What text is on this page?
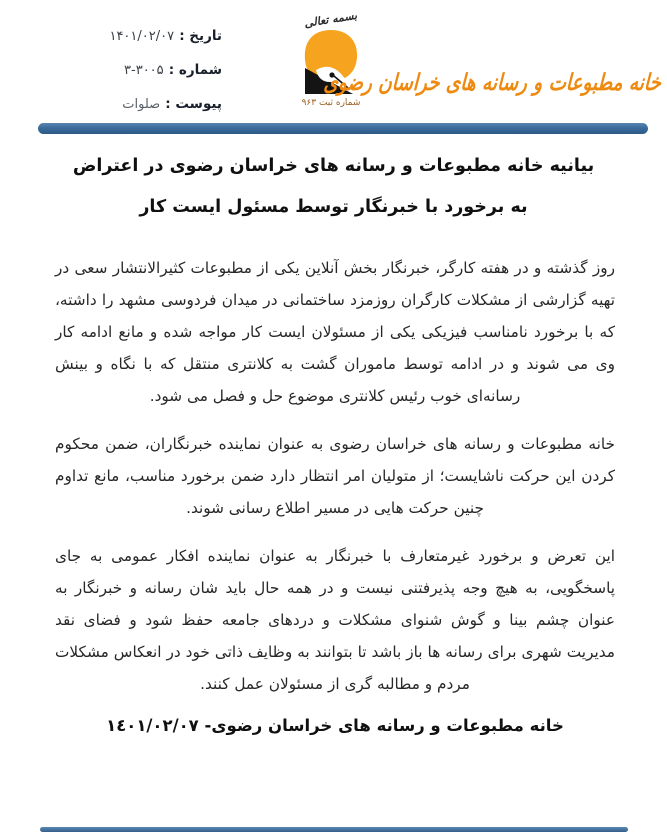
تاریخ : ۱۴۰۱/۰۲/۰۷
شماره : ۳-۳۰۰۵
پیوست : صلوات
بسمه تعالی
شماره ثبت ۹۶۳
خانه مطبوعات و رسانه های خراسان رضوی
بیانیه خانه مطبوعات و رسانه های خراسان رضوی در اعتراض
به برخورد با خبرنگار توسط مسئول ایست کار

روز گذشته و در هفته کارگر، خبرنگار بخش آنلاین یکی از مطبوعات کثیرالانتشار سعی در تهیه گزارشی از مشکلات کارگران روزمزد ساختمانی در میدان فردوسی مشهد را داشته، که با برخورد نامناسب فیزیکی یکی از مسئولان ایست کار مواجه شده و مانع ادامه کار وی می شوند و در ادامه توسط ماموران گشت به کلانتری منتقل که با نگاه و بینش رسانه‌ای خوب رئیس کلانتری موضوع حل و فصل می شود.

خانه مطبوعات و رسانه های خراسان رضوی به عنوان نماینده خبرنگاران، ضمن محکوم کردن این حرکت ناشایست؛ از متولیان امر انتظار دارد ضمن برخورد مناسب، مانع تداوم چنین حرکت هایی در مسیر اطلاع رسانی شوند.

این تعرض و برخورد غیرمتعارف با خبرنگار به عنوان نماینده افکار عمومی به جای پاسخگویی، به هیچ وجه پذیرفتنی نیست و در همه حال باید شان رسانه و خبرنگار به عنوان چشم بینا و گوش شنوای مشکلات و دردهای جامعه حفظ شود و فضای نقد مدیریت شهری برای رسانه ها باز باشد تا بتوانند به وظایف ذاتی خود در انعکاس مشکلات مردم و مطالبه گری از مسئولان عمل کنند.

خانه مطبوعات و رسانه های خراسان رضوی- ۱٤۰۱/۰۲/۰۷
